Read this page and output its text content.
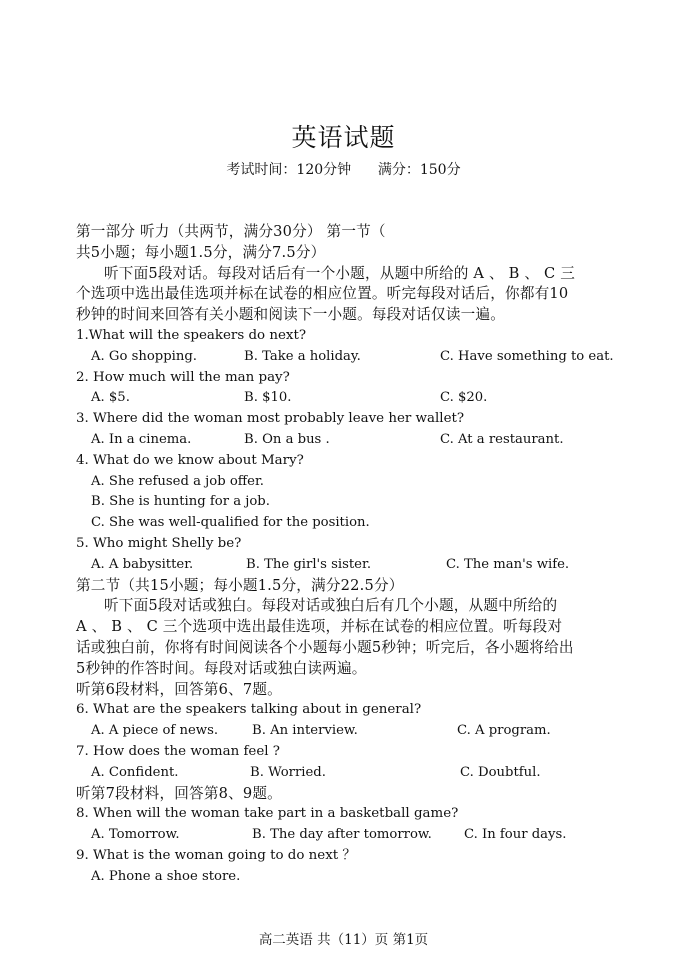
英语试题
考试时间：120分钟      满分：150分
第一部分 听力（共两节，满分30分） 第一节（
共5小题；每小题1.5分，满分7.5分）
听下面5段对话。每段对话后有一个小题，从题中所给的 A 、 B 、 C 三
个选项中选出最佳选项并标在试卷的相应位置。听完每段对话后，你都有10
秒钟的时间来回答有关小题和阅读下一小题。每段对话仅读一遍。
1.What will the speakers do next?
A. Go shopping.	B. Take a holiday.	C. Have something to eat.
2. How much will the man pay?
A. $5.	B. $10.	C. $20.
3. Where did the woman most probably leave her wallet?
A. In a cinema.	B. On a bus .	C. At a restaurant.
4. What do we know about Mary?
A. She refused a job offer.
B. She is hunting for a job.
C. She was well-qualified for the position.
5. Who might Shelly be?
A. A babysitter.	B. The girl's sister.	C. The man's wife.
第二节（共15小题；每小题1.5分，满分22.5分）
听下面5段对话或独白。每段对话或独白后有几个小题，从题中所给的
A 、 B 、 C 三个选项中选出最佳选项，并标在试卷的相应位置。听每段对
话或独白前，你将有时间阅读各个小题每小题5秒钟；听完后，各小题将给出
5秒钟的作答时间。每段对话或独白读两遍。
听第6段材料，回答第6、7题。
6. What are the speakers talking about in general?
A. A piece of news.	B. An interview.	C. A program.
7. How does the woman feel ?
A. Confident.	B. Worried.	C. Doubtful.
听第7段材料，回答第8、9题。
8. When will the woman take part in a basketball game?
A. Tomorrow.	B. The day after tomorrow. C. In four days.
9. What is the woman going to do next ？
A. Phone a shoe store.
高二英语 共（11）页 第1页
